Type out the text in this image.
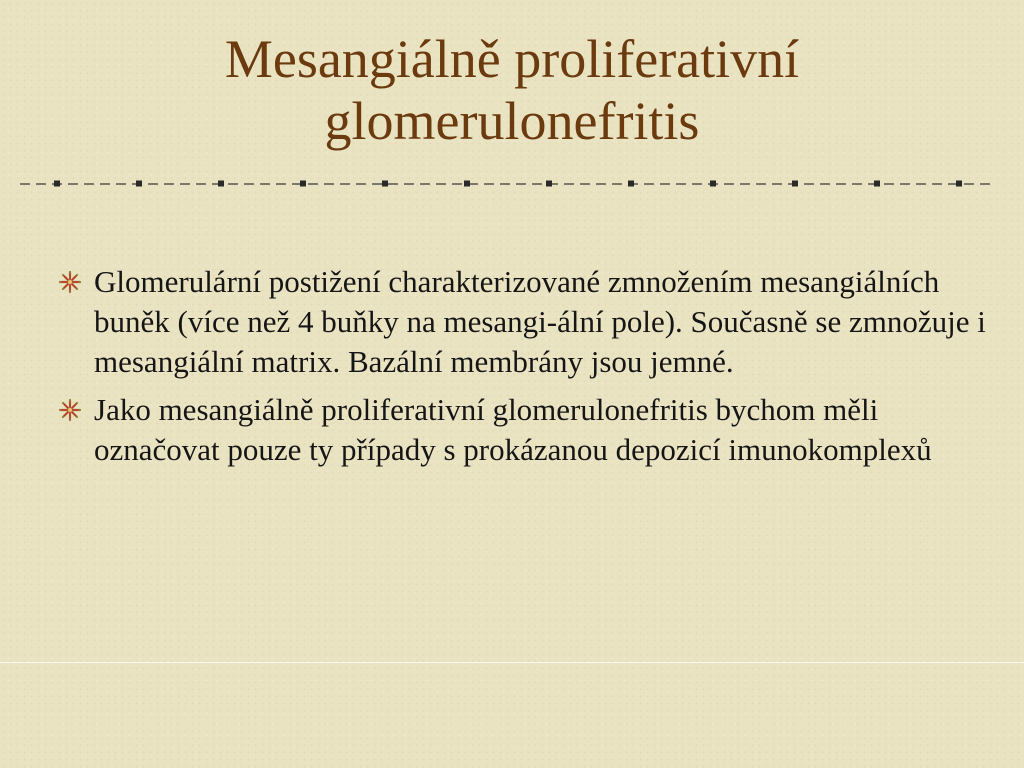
Mesangiálně proliferativní
glomerulonefritis
Glomerulární postižení charakterizované zmnožením mesangiálních buněk (více než 4 buňky na mesangi-ální pole). Současně se zmnožuje i mesangiální matrix. Bazální membrány jsou jemné.
Jako mesangiálně proliferativní glomerulonefritis bychom měli označovat pouze ty případy s prokázanou depozicí imunokomplexů
